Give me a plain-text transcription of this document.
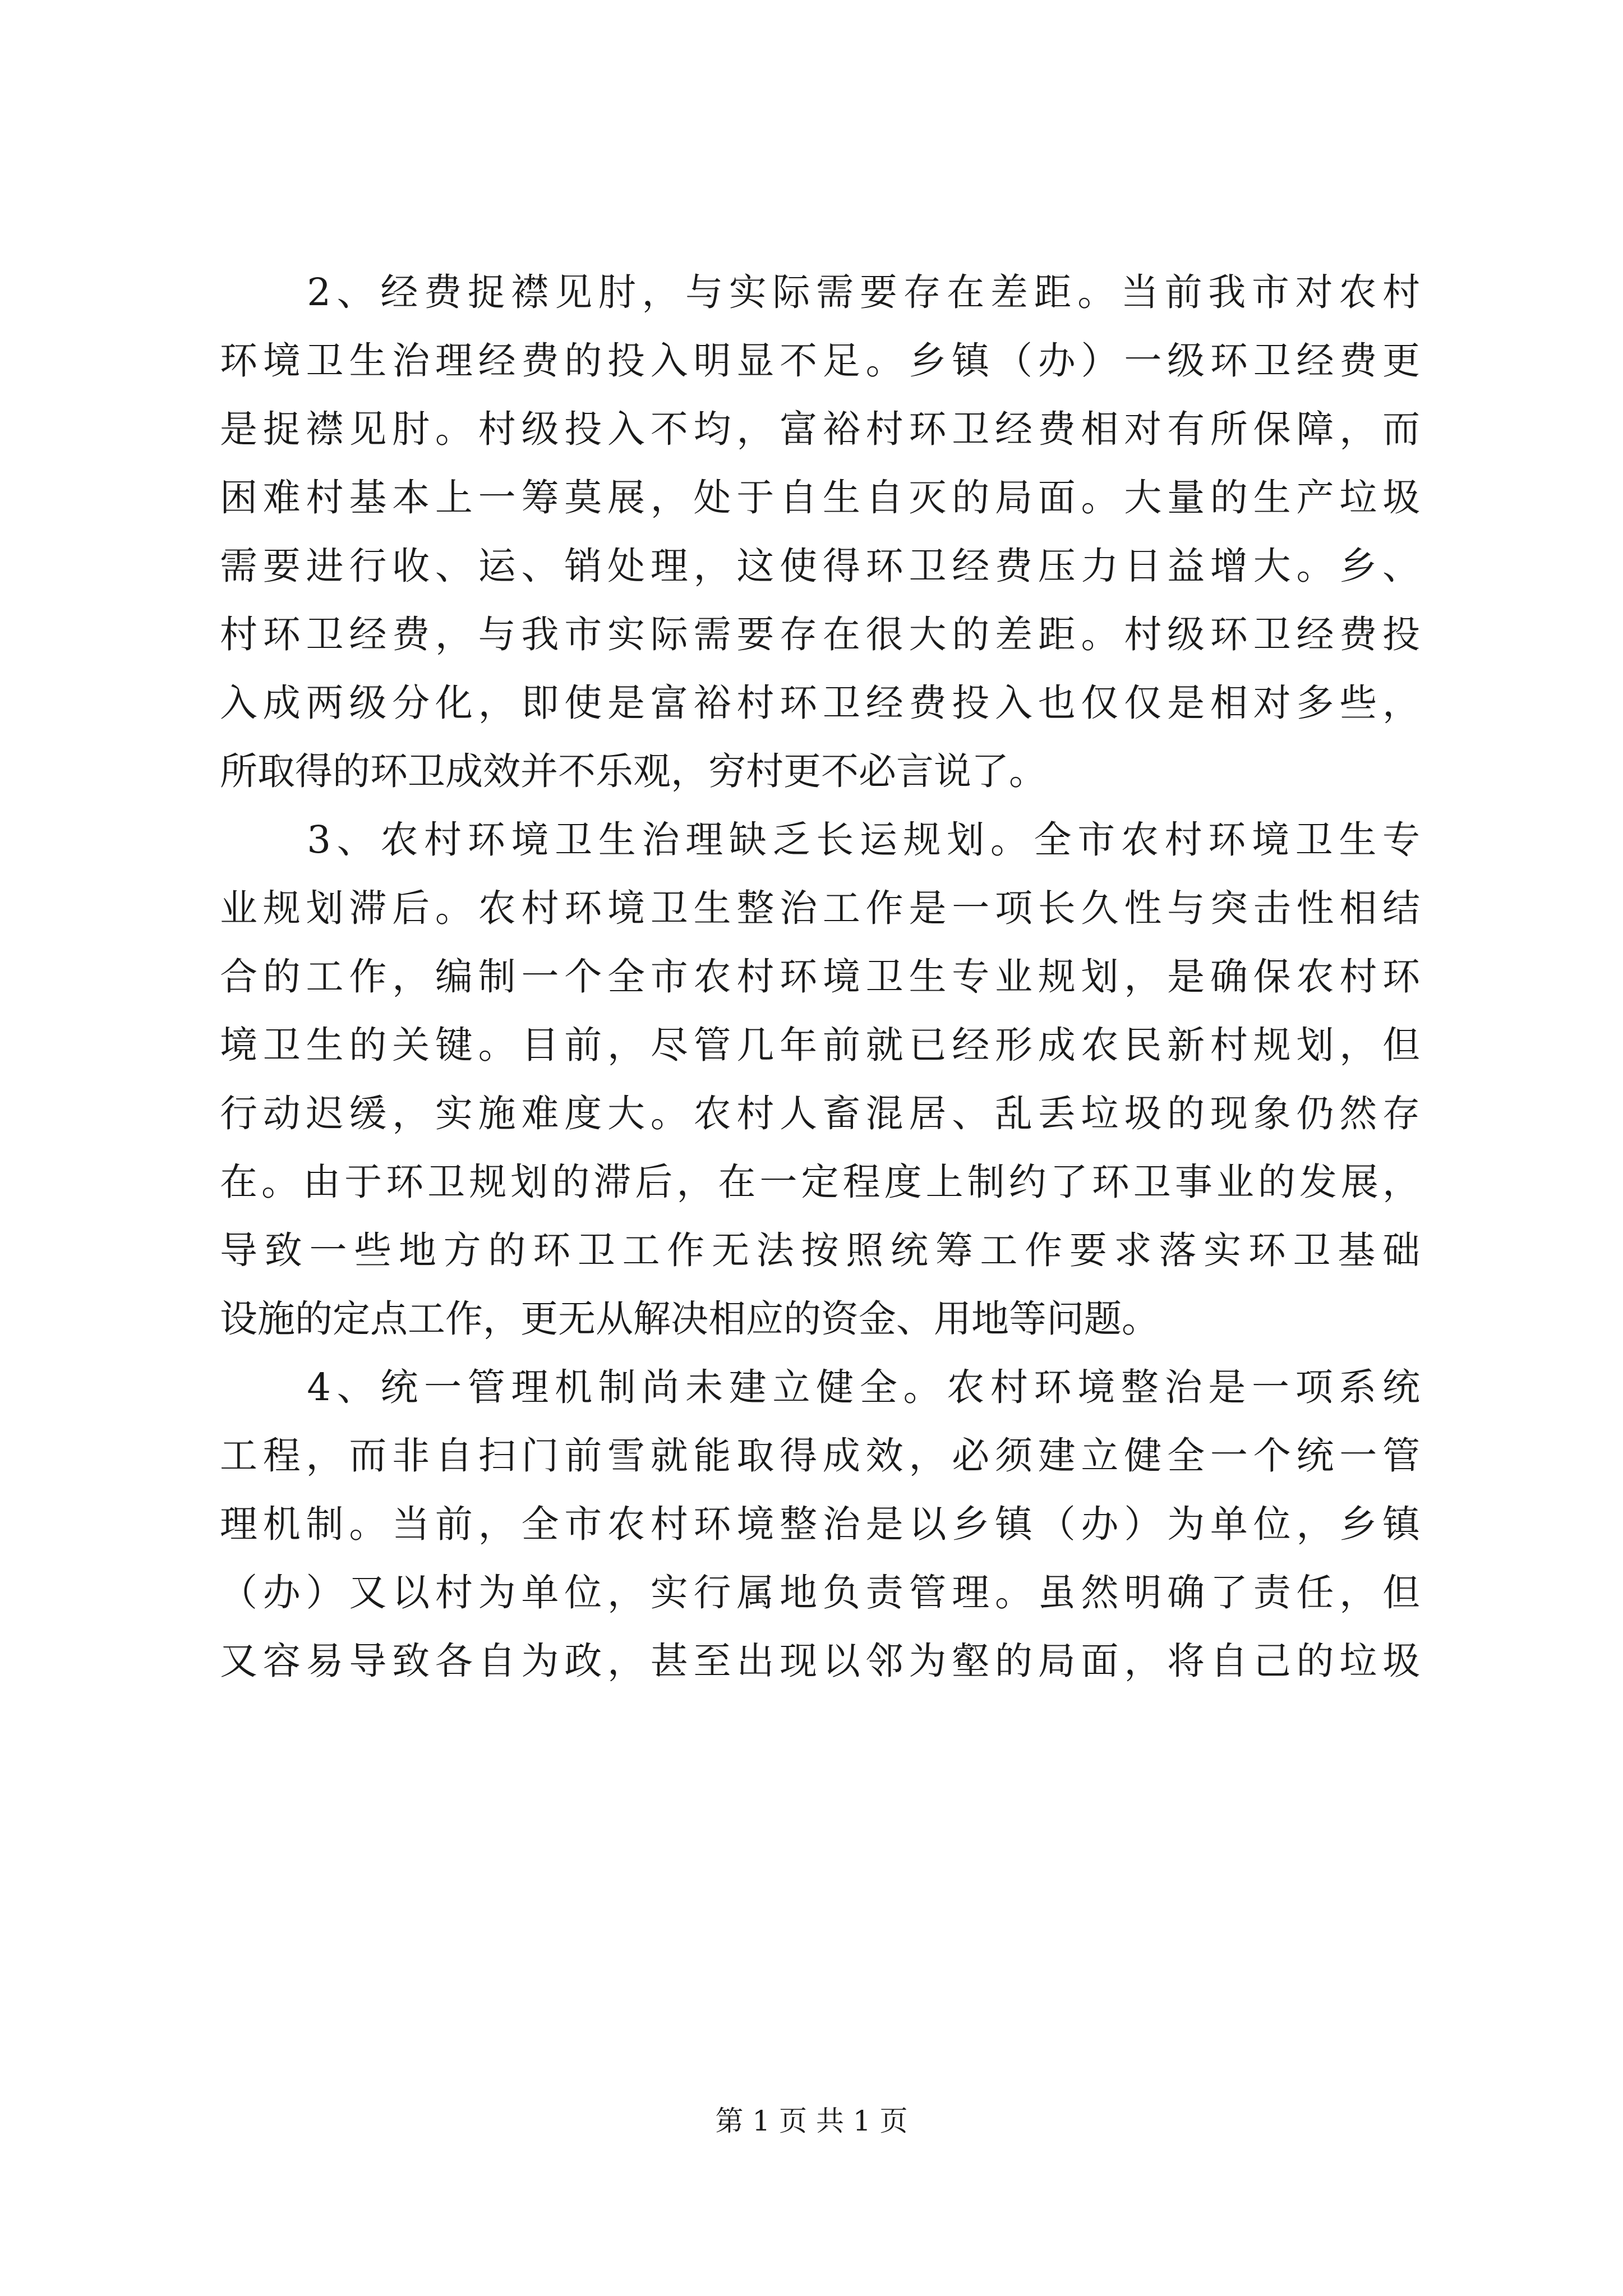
　　2、经费捉襟见肘，与实际需要存在差距。当前我市对农村
环境卫生治理经费的投入明显不足。乡镇（办）一级环卫经费更
是捉襟见肘。村级投入不均，富裕村环卫经费相对有所保障，而
困难村基本上一筹莫展，处于自生自灭的局面。大量的生产垃圾
需要进行收、运、销处理，这使得环卫经费压力日益增大。乡、
村环卫经费，与我市实际需要存在很大的差距。村级环卫经费投
入成两级分化，即使是富裕村环卫经费投入也仅仅是相对多些，
所取得的环卫成效并不乐观，穷村更不必言说了。
　　3、农村环境卫生治理缺乏长运规划。全市农村环境卫生专
业规划滞后。农村环境卫生整治工作是一项长久性与突击性相结
合的工作，编制一个全市农村环境卫生专业规划，是确保农村环
境卫生的关键。目前，尽管几年前就已经形成农民新村规划，但
行动迟缓，实施难度大。农村人畜混居、乱丢垃圾的现象仍然存
在。由于环卫规划的滞后，在一定程度上制约了环卫事业的发展，
导致一些地方的环卫工作无法按照统筹工作要求落实环卫基础
设施的定点工作，更无从解决相应的资金、用地等问题。
　　4、统一管理机制尚未建立健全。农村环境整治是一项系统
工程，而非自扫门前雪就能取得成效，必须建立健全一个统一管
理机制。当前，全市农村环境整治是以乡镇（办）为单位，乡镇
（办）又以村为单位，实行属地负责管理。虽然明确了责任，但
又容易导致各自为政，甚至出现以邻为壑的局面，将自己的垃圾

第 1 页 共 1 页
